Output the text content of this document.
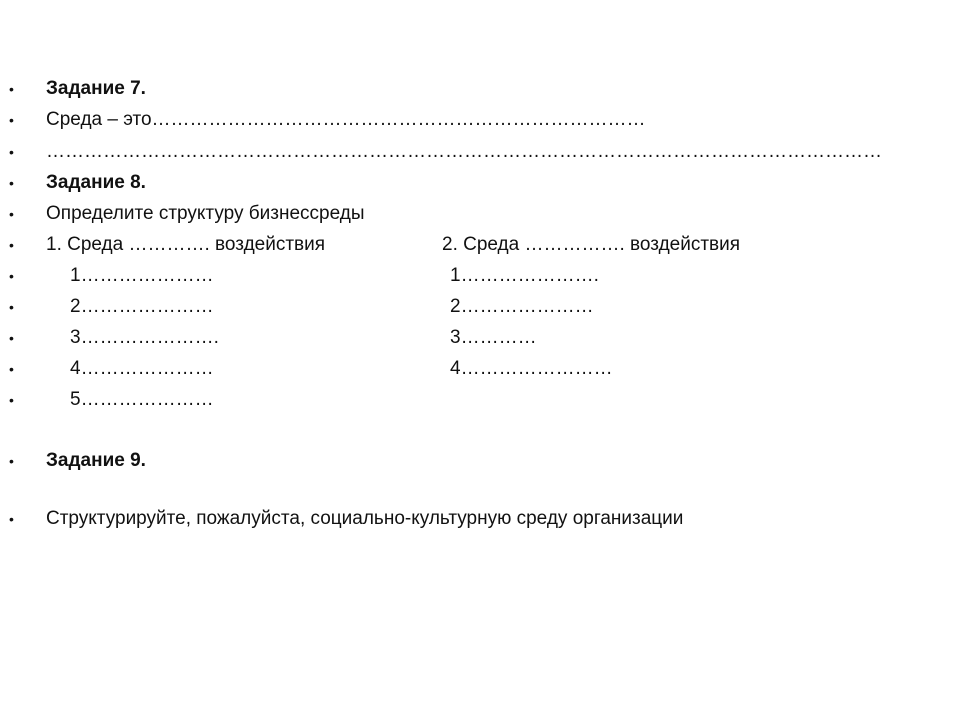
• Задание 7.
• Среда – это……………………………………………………………………
• ……………………………………………………………………………………………………………………
• Задание 8.
• Определите структуру бизнессреды
• 1. Среда …………. воздействия	2. Среда ……………. воздействия
•	1…………………	1………………….
•	2…………………	2…………………
•	3………………….	3…………
•	4…………………	4……………………
•	5…………………
• Задание 9.
• Структурируйте, пожалуйста, социально-культурную среду организации
